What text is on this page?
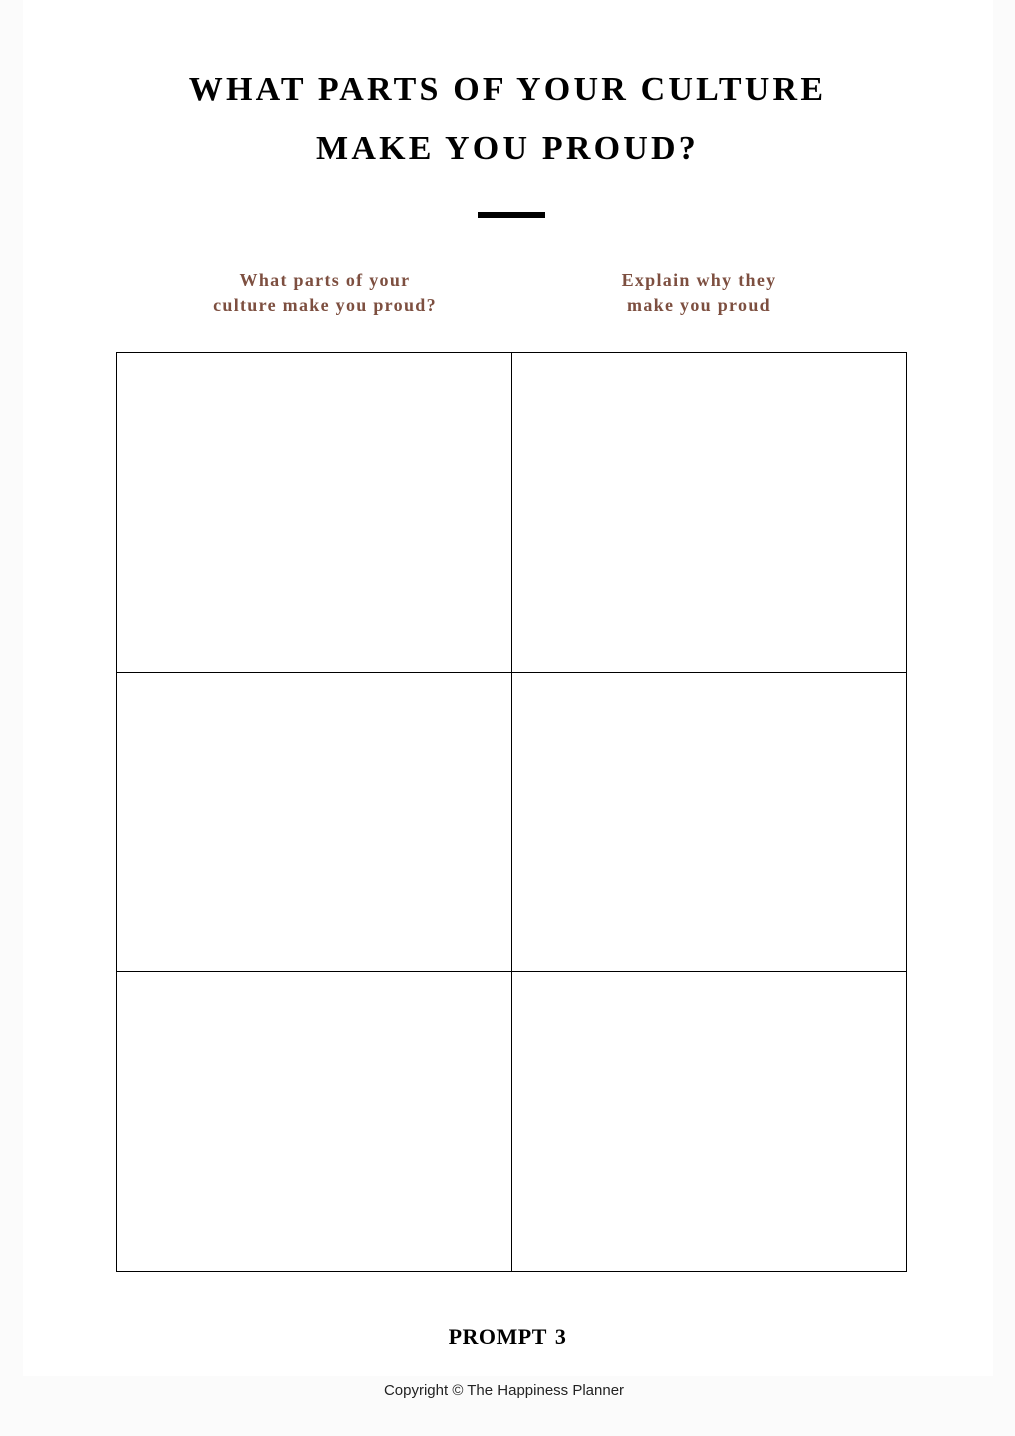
WHAT PARTS OF YOUR CULTURE
MAKE YOU PROUD?
What parts of your
culture make you proud?
Explain why they
make you proud
PROMPT 3
Copyright © The Happiness Planner
